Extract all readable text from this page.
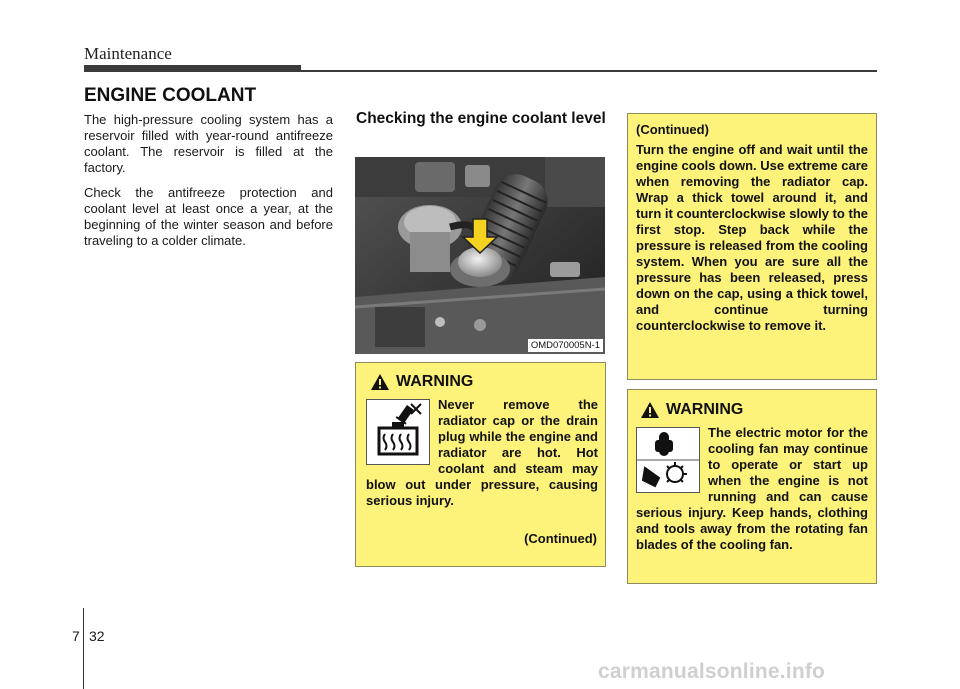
Maintenance
ENGINE COOLANT

The high-pressure cooling system has a reservoir filled with year-round antifreeze coolant. The reservoir is filled at the factory.

Check the antifreeze protection and coolant level at least once a year, at the beginning of the winter season and before traveling to a colder climate.

Checking the engine coolant level
OMD070005N-1
WARNING
Never remove the radiator cap or the drain plug while the engine and radiator are hot. Hot coolant and steam may blow out under pressure, causing serious injury.
(Continued)
(Continued)
Turn the engine off and wait until the engine cools down. Use extreme care when removing the radiator cap. Wrap a thick towel around it, and turn it counterclockwise slowly to the first stop. Step back while the pressure is released from the cooling system. When you are sure all the pressure has been released, press down on the cap, using a thick towel, and continue turning counterclockwise to remove it.
WARNING
The electric motor for the cooling fan may continue to operate or start up when the engine is not running and can cause serious injury. Keep hands, clothing and tools away from the rotating fan blades of the cooling fan.
7 32
carmanualsonline.info
